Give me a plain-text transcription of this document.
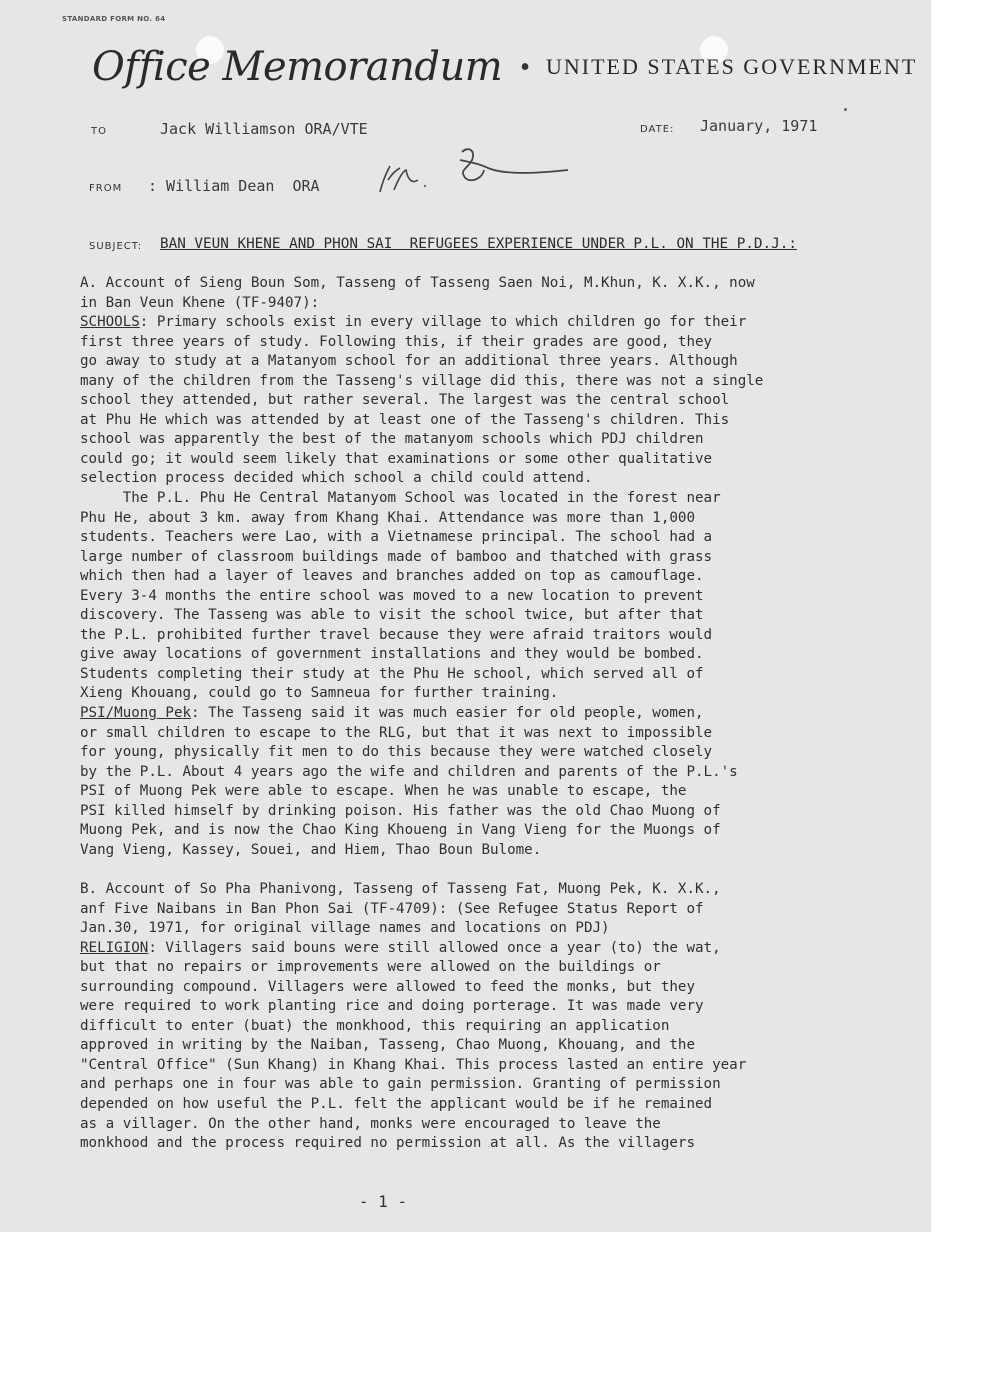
STANDARD FORM NO. 64
Office Memorandum • UNITED STATES GOVERNMENT
TO	Jack Williamson ORA/VTE	DATE: January, 1971
FROM : William Dean  ORA
SUBJECT: BAN VEUN KHENE AND PHON SAI  REFUGEES EXPERIENCE UNDER P.L. ON THE P.D.J.:
A. Account of Sieng Boun Som, Tasseng of Tasseng Saen Noi, M.Khun, K. X.K., now
in Ban Veun Khene (TF-9407):
SCHOOLS: Primary schools exist in every village to which children go for their
first three years of study. Following this, if their grades are good, they
go away to study at a Matanyom school for an additional three years. Although
many of the children from the Tasseng's village did this, there was not a single
school they attended, but rather several. The largest was the central school
at Phu He which was attended by at least one of the Tasseng's children. This
school was apparently the best of the matanyom schools which PDJ children
could go; it would seem likely that examinations or some other qualitative
selection process decided which school a child could attend.
The P.L. Phu He Central Matanyom School was located in the forest near
Phu He, about 3 km. away from Khang Khai. Attendance was more than 1,000
students. Teachers were Lao, with a Vietnamese principal. The school had a
large number of classroom buildings made of bamboo and thatched with grass
which then had a layer of leaves and branches added on top as camouflage.
Every 3-4 months the entire school was moved to a new location to prevent
discovery. The Tasseng was able to visit the school twice, but after that
the P.L. prohibited further travel because they were afraid traitors would
give away locations of government installations and they would be bombed.
Students completing their study at the Phu He school, which served all of
Xieng Khouang, could go to Samneua for further training.
PSI/Muong Pek: The Tasseng said it was much easier for old people, women,
or small children to escape to the RLG, but that it was next to impossible
for young, physically fit men to do this because they were watched closely
by the P.L. About 4 years ago the wife and children and parents of the P.L.'s
PSI of Muong Pek were able to escape. When he was unable to escape, the
PSI killed himself by drinking poison. His father was the old Chao Muong of
Muong Pek, and is now the Chao King Khoueng in Vang Vieng for the Muongs of
Vang Vieng, Kassey, Souei, and Hiem, Thao Boun Bulome.
B. Account of So Pha Phanivong, Tasseng of Tasseng Fat, Muong Pek, K. X.K.,
anf Five Naibans in Ban Phon Sai (TF-4709): (See Refugee Status Report of
Jan.30, 1971, for original village names and locations on PDJ)
RELIGION: Villagers said bouns were still allowed once a year (to) the wat,
but that no repairs or improvements were allowed on the buildings or
surrounding compound. Villagers were allowed to feed the monks, but they
were required to work planting rice and doing porterage. It was made very
difficult to enter (buat) the monkhood, this requiring an application
approved in writing by the Naiban, Tasseng, Chao Muong, Khouang, and the
"Central Office" (Sun Khang) in Khang Khai. This process lasted an entire year
and perhaps one in four was able to gain permission. Granting of permission
depended on how useful the P.L. felt the applicant would be if he remained
as a villager. On the other hand, monks were encouraged to leave the
monkhood and the process required no permission at all. As the villagers
- 1 -
